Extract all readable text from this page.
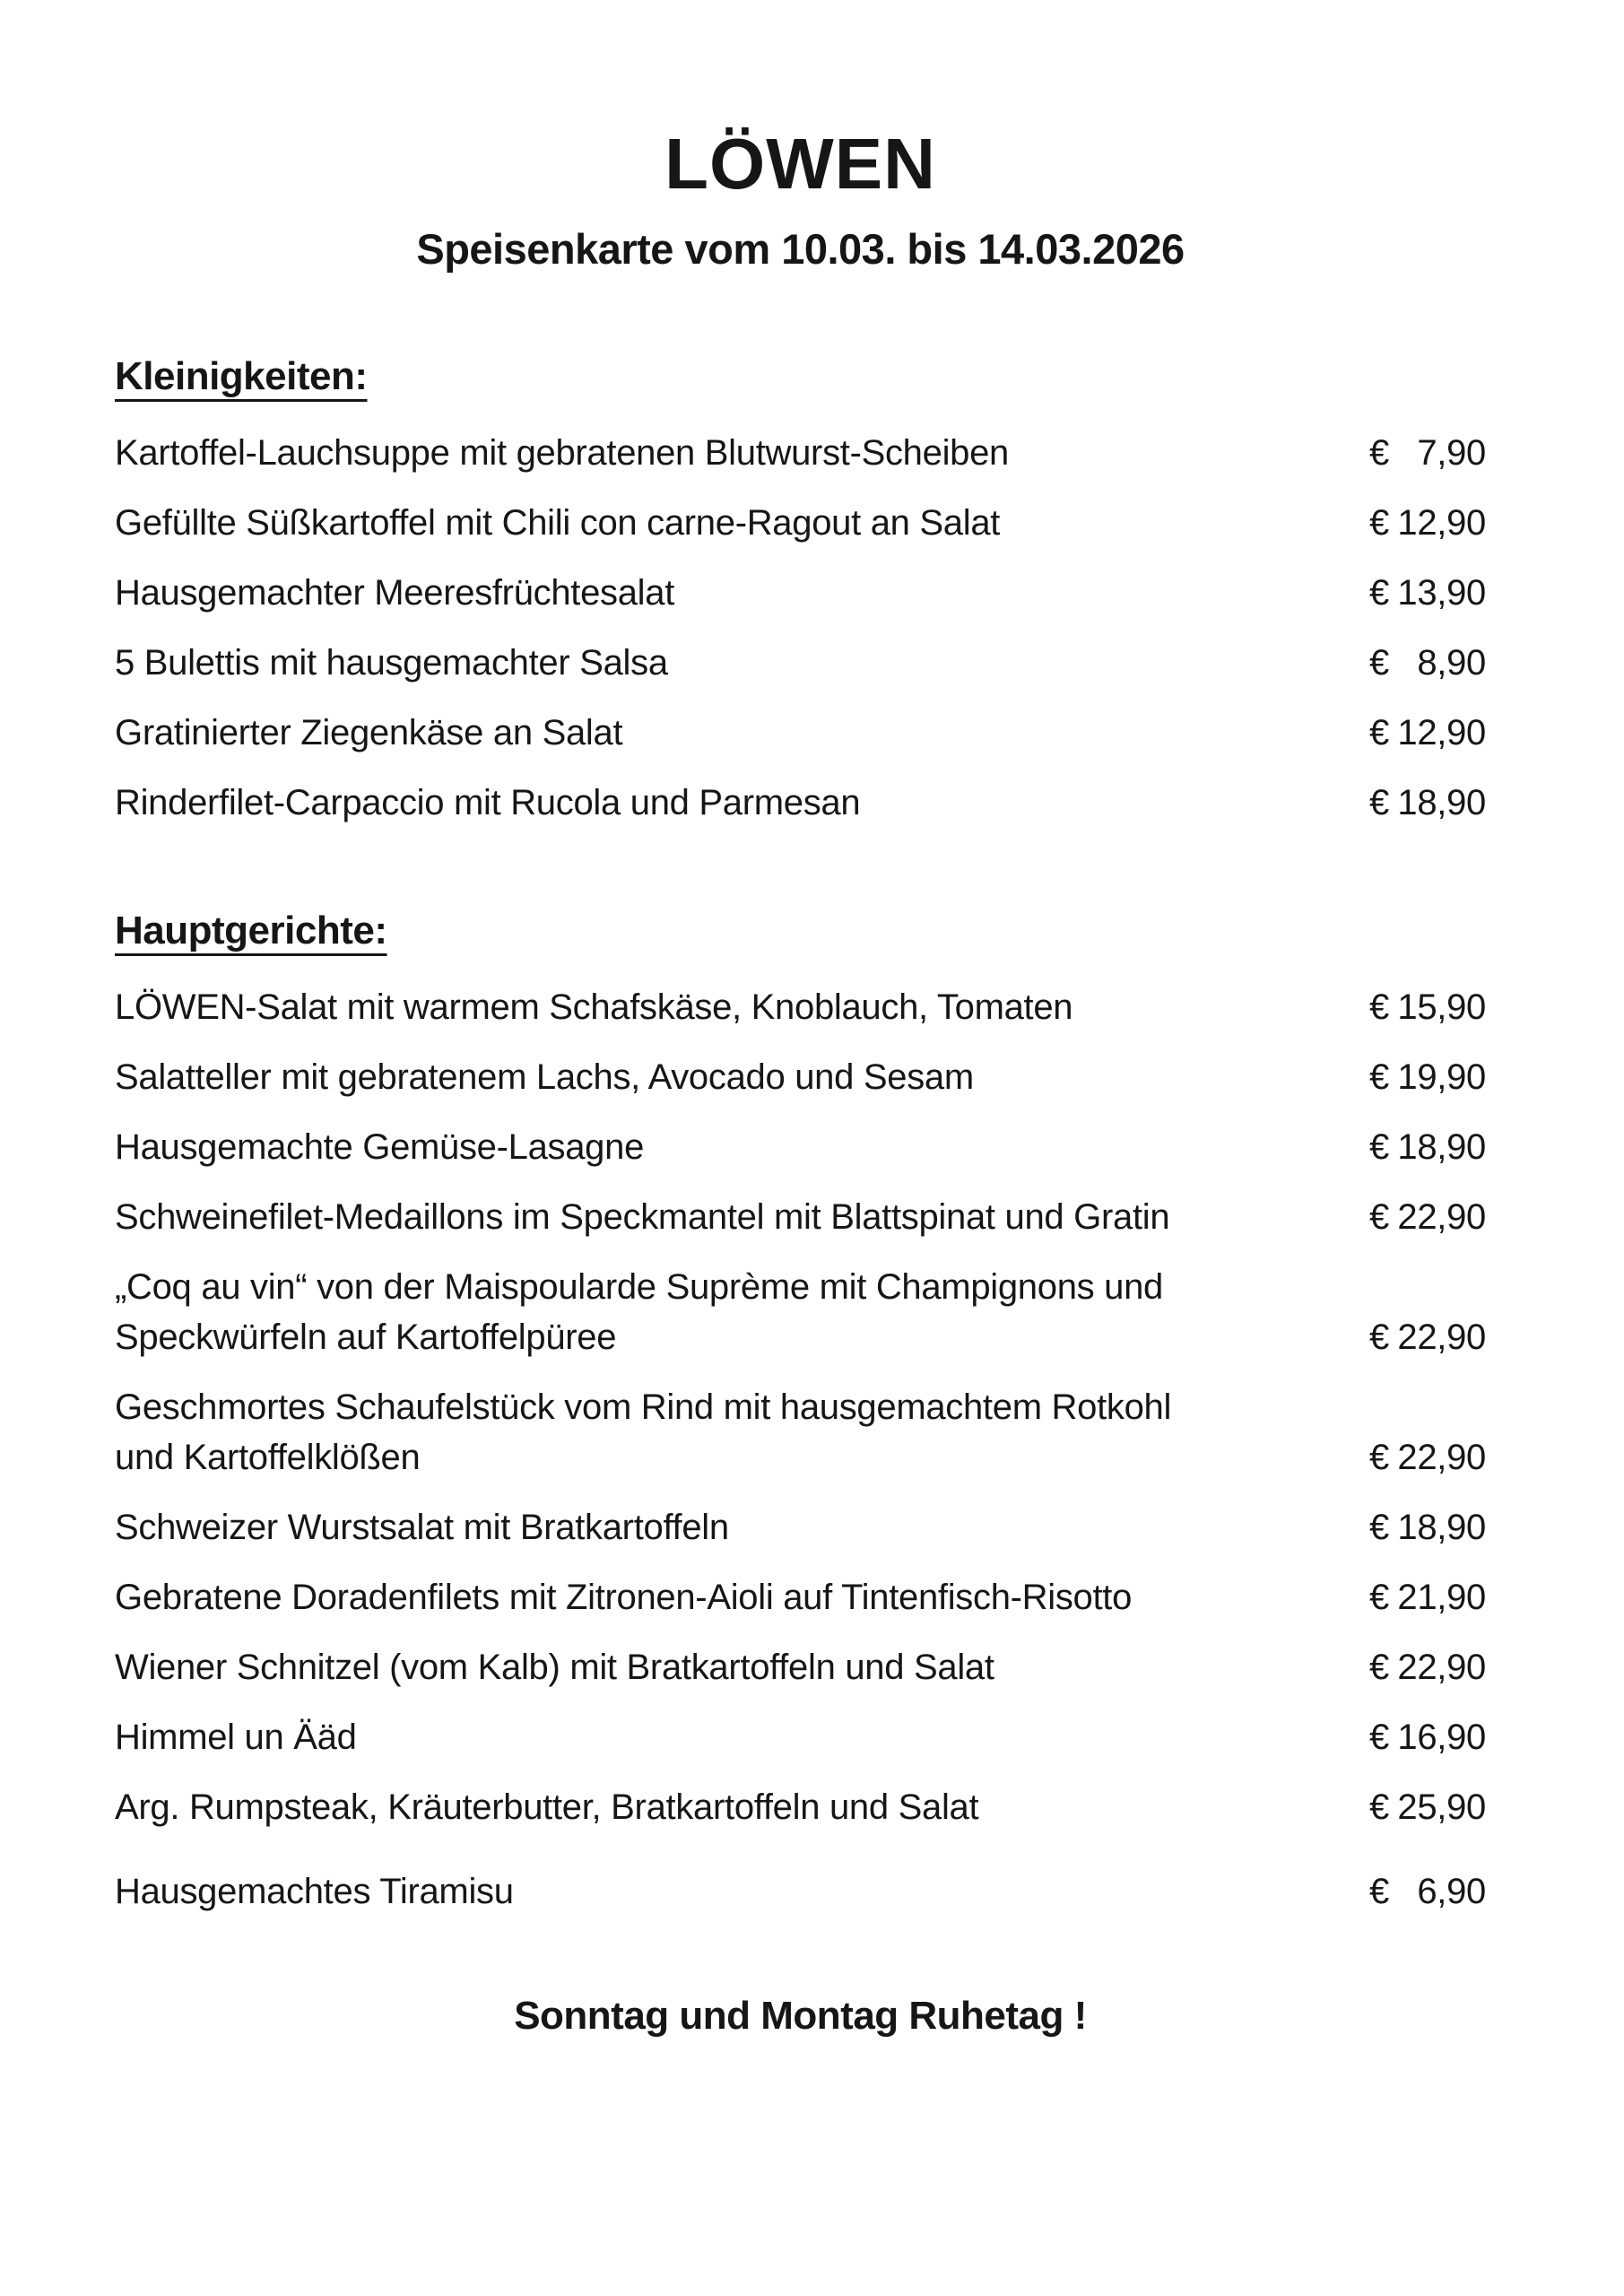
LÖWEN
Speisenkarte vom 10.03. bis 14.03.2026
Kleinigkeiten:
Kartoffel-Lauchsuppe mit gebratenen Blutwurst-Scheiben	€ 7,90
Gefüllte Süßkartoffel mit Chili con carne-Ragout an Salat	€ 12,90
Hausgemachter Meeresfrüchtesalat	€ 13,90
5 Bulettis mit hausgemachter Salsa	€ 8,90
Gratinierter Ziegenkäse an Salat	€ 12,90
Rinderfilet-Carpaccio mit Rucola und Parmesan	€ 18,90
Hauptgerichte:
LÖWEN-Salat mit warmem Schafskäse, Knoblauch, Tomaten	€ 15,90
Salatteller mit gebratenem Lachs, Avocado und Sesam	€ 19,90
Hausgemachte Gemüse-Lasagne	€ 18,90
Schweinefilet-Medaillons im Speckmantel mit Blattspinat und Gratin	€ 22,90
„Coq au vin“ von der Maispoularde Suprème mit Champignons und
Speckwürfeln auf Kartoffelpüree	€ 22,90
Geschmortes Schaufelstück vom Rind mit hausgemachtem Rotkohl
und Kartoffelklößen	€ 22,90
Schweizer Wurstsalat mit Bratkartoffeln	€ 18,90
Gebratene Doradenfilets mit Zitronen-Aioli auf Tintenfisch-Risotto	€ 21,90
Wiener Schnitzel (vom Kalb) mit Bratkartoffeln und Salat	€ 22,90
Himmel un Ääd	€ 16,90
Arg. Rumpsteak, Kräuterbutter, Bratkartoffeln und Salat	€ 25,90
Hausgemachtes Tiramisu	€ 6,90
Sonntag und Montag Ruhetag !
